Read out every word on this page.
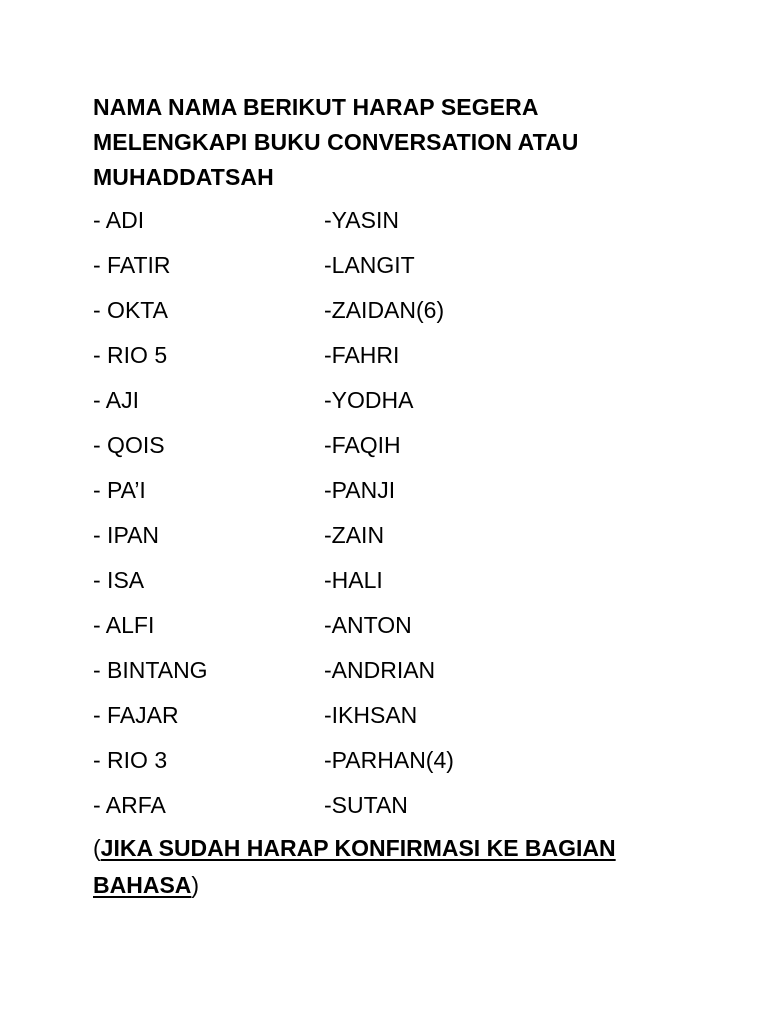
NAMA NAMA BERIKUT HARAP SEGERA
MELENGKAPI BUKU CONVERSATION ATAU
MUHADDATSAH
- ADI	-YASIN
- FATIR	-LANGIT
- OKTA	-ZAIDAN(6)
- RIO 5	-FAHRI
- AJI	-YODHA
- QOIS	-FAQIH
- PA’I	-PANJI
- IPAN	-ZAIN
- ISA	-HALI
- ALFI	-ANTON
- BINTANG	-ANDRIAN
- FAJAR	-IKHSAN
- RIO 3	-PARHAN(4)
- ARFA	-SUTAN
(JIKA SUDAH HARAP KONFIRMASI KE BAGIAN
BAHASA)
